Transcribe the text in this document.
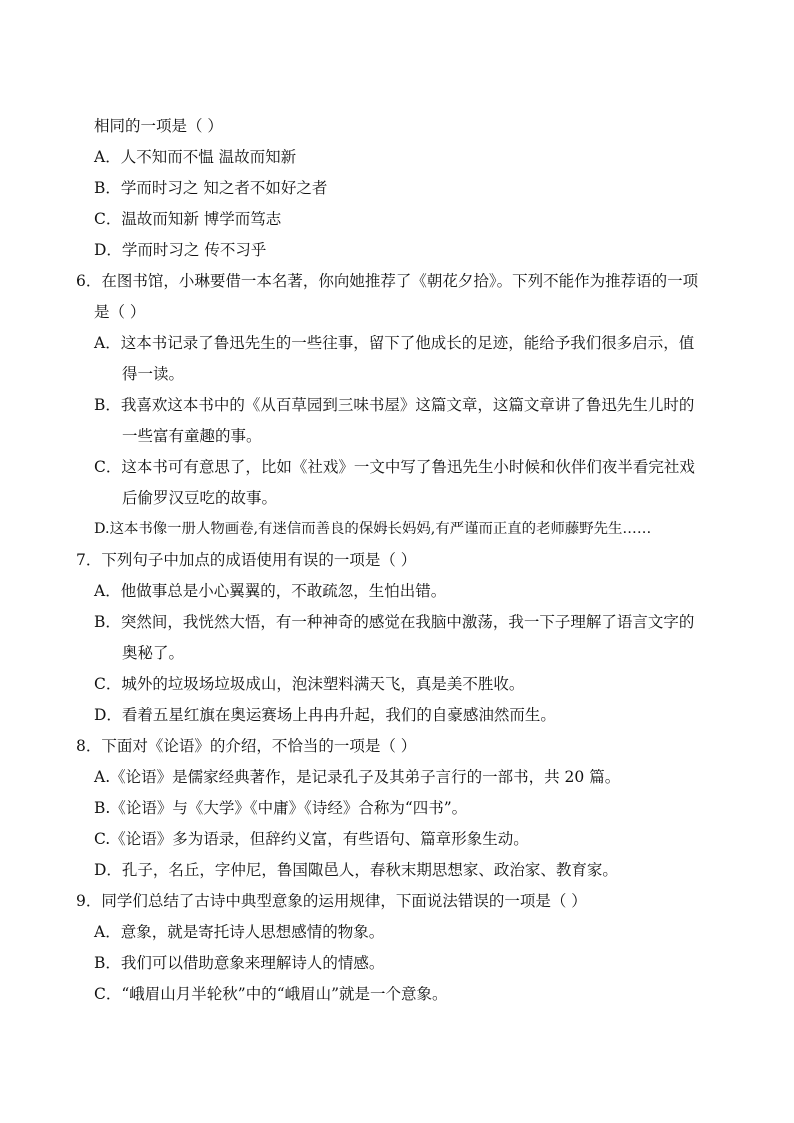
相同的一项是（ ）
A．人不知而不愠 温故而知新
B．学而时习之 知之者不如好之者
C．温故而知新 博学而笃志
D．学而时习之 传不习乎
6．在图书馆，小琳要借一本名著，你向她推荐了《朝花夕拾》。下列不能作为推荐语的一项
是（ ）
A．这本书记录了鲁迅先生的一些往事，留下了他成长的足迹，能给予我们很多启示，值
得一读。
B．我喜欢这本书中的《从百草园到三味书屋》这篇文章，这篇文章讲了鲁迅先生儿时的
一些富有童趣的事。
C．这本书可有意思了，比如《社戏》一文中写了鲁迅先生小时候和伙伴们夜半看完社戏
后偷罗汉豆吃的故事。
D.这本书像一册人物画卷,有迷信而善良的保姆长妈妈,有严谨而正直的老师藤野先生……
7．下列句子中加点的成语使用有误的一项是（ ）
A．他做事总是小心翼翼的，不敢疏忽，生怕出错。
B．突然间，我恍然大悟，有一种神奇的感觉在我脑中激荡，我一下子理解了语言文字的
奥秘了。
C．城外的垃圾场垃圾成山，泡沫塑料满天飞，真是美不胜收。
D．看着五星红旗在奥运赛场上冉冉升起，我们的自豪感油然而生。
8．下面对《论语》的介绍，不恰当的一项是（ ）
A.《论语》是儒家经典著作，是记录孔子及其弟子言行的一部书，共 20 篇。
B.《论语》与《大学》《中庸》《诗经》合称为“四书”。
C.《论语》多为语录，但辞约义富，有些语句、篇章形象生动。
D．孔子，名丘，字仲尼，鲁国陬邑人，春秋末期思想家、政治家、教育家。
9．同学们总结了古诗中典型意象的运用规律，下面说法错误的一项是（ ）
A．意象，就是寄托诗人思想感情的物象。
B．我们可以借助意象来理解诗人的情感。
C．“峨眉山月半轮秋”中的“峨眉山”就是一个意象。
